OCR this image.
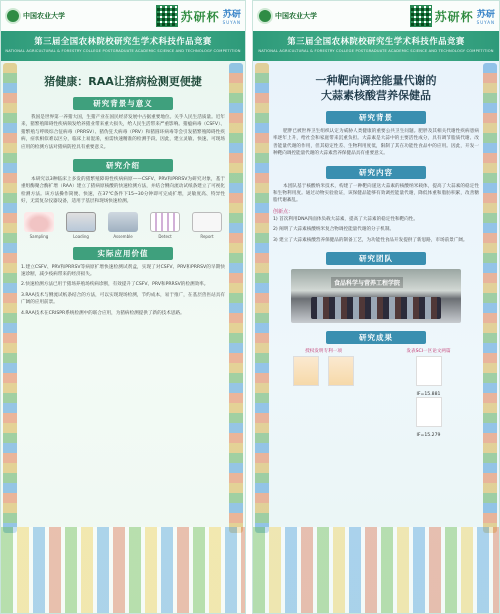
中国农业大学	苏研杯 苏研
SUYAN
第三届全国农林院校研究生学术科技作品竞赛
NATIONAL AGRICULTURAL & FORESTRY COLLEGE POSTGRADUATE ACADEMIC SCIENCE AND TECHNOLOGY COMPETITION
猪健康：RAA让猪病检测更便捷
研究背景与意义

我国是世界第一养猪大国，生猪产业在国民经济发展中占据重要地位。关乎人民生活质量。近年来，猪繁殖障碍性疾病频发给养猪业带来重大损失，给人民生活带来严重影响。猪瘟病毒（CSFV）、猪繁殖与呼吸综合征病毒（PRRSV）、猪伪狂犬病毒（PRV）和猪圆环病毒等会引发猪繁殖障碍性疾病，症状相似难以区分，临床上易混淆，亟需快速精准的检测手段。因此，建立灵敏、快速、可现场应用的检测方法对猪病防控具有重要意义。

研究介绍

本研究以3种临床上多发的猪繁殖障碍性疾病病原——CSFV、PRV和PRRSV为研究对象，基于重组酶聚合酶扩增（RAA）建立了猪病原核酸的快速检测方法，并结合侧向流动试纸条建立了可视化检测方法。该方法操作简便、快速，在37℃条件下15~30分钟即可完成扩增，灵敏度高、特异性好，无需复杂仪器设备，适用于基层和现场快速检测。

Sampling	Loading	Assemble	Detect	Report
实际应用价值

1.建立CSFV、PRV和PRRSV等病原扩增快速检测试剂盒，实现了对CSFV、PRV和PRRSV的早期快速诊断，减少疫病带来的经济损失。

2.快速检测方法已用于猪场养殖场疾病诊断，有效提升了CSFV、PRV和PRRSV的检测效率。

3.RAA技术与侧流试纸条结合的方法，可以实现现场检测，节约成本，易于推广，在基层兽医站具有广阔的应用前景。

4.RAA技术在CRISPR系统检测中的联合应用，为猪病检测提供了新的技术思路。

中国农业大学	苏研杯 苏研
SUYAN
第三届全国农林院校研究生学术科技作品竞赛
NATIONAL AGRICULTURAL & FORESTRY COLLEGE POSTGRADUATE ACADEMIC SCIENCE AND TECHNOLOGY COMPETITION
一种靶向调控能量代谢的
大蒜素核酸营养保健品
研究背景

肥胖已被世界卫生组织认定为威胁人类健康的重要公共卫生问题。肥胖及其相关代谢性疾病患病率逐年上升，给社会和家庭带来沉重负担。大蒜素是大蒜中的主要活性成分，具有调节脂质代谢、改善能量代谢的作用，但其稳定性差、生物利用度低，限制了其在功能性食品中的应用。因此，开发一种靶向调控能量代谢的大蒜素营养保健品具有重要意义。

研究内容

本团队基于核酸纳米技术，构建了一种靶向递送大蒜素的核酸纳米载体，提高了大蒜素的稳定性和生物利用度。通过动物实验验证，该保健品能够有效调控能量代谢，降低体重和脂肪积累，改善糖脂代谢紊乱。

创新点：

1) 首次利用DNA四面体负载大蒜素，提高了大蒜素的稳定性和靶向性。

2) 阐明了大蒜素核酸纳米复合物调控能量代谢的分子机制。

3) 建立了大蒜素核酸营养保健品的制备工艺，为功能性食品开发提供了新思路，市场前景广阔。

研究团队
食品科学与营养工程学院
研究成果
授权发明专利一项
	发表SCI一区论文两篇
IF=15.881
IF=15.279
